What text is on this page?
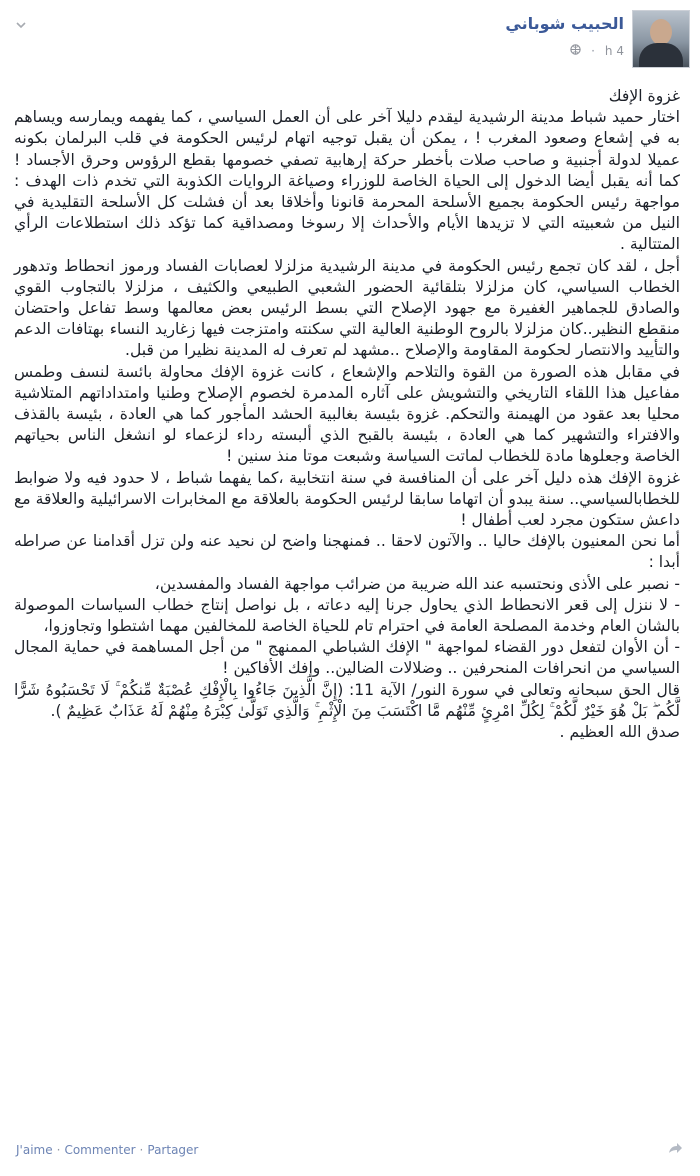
الحبيب شوباني
4 h
·

غزوة الإفك

اختار حميد شباط مدينة الرشيدية ليقدم دليلا آخر على أن العمل السياسي ، كما يفهمه ويمارسه ويساهم به في إشعاع وصعود المغرب ! ، يمكن أن يقبل توجيه اتهام لرئيس الحكومة في قلب البرلمان بكونه عميلا لدولة أجنبية و صاحب صلات بأخطر حركة إرهابية تصفي خصومها بقطع الرؤوس وحرق الأجساد ! كما أنه يقبل أيضا الدخول إلى الحياة الخاصة للوزراء وصياغة الروايات الكذوبة التي تخدم ذات الهدف : مواجهة رئيس الحكومة بجميع الأسلحة المحرمة قانونا وأخلاقا بعد أن فشلت كل الأسلحة التقليدية في النيل من شعبيته التي لا تزيدها الأيام والأحداث إلا رسوخا ومصداقية كما تؤكد ذلك استطلاعات الرأي المتتالية .

أجل ، لقد كان تجمع رئيس الحكومة في مدينة الرشيدية مزلزلا لعصابات الفساد ورموز انحطاط وتدهور الخطاب السياسي، كان مزلزلا بتلقائية الحضور الشعبي الطبيعي والكثيف ، مزلزلا بالتجاوب القوي والصادق للجماهير الغفيرة مع جهود الإصلاح التي بسط الرئيس بعض معالمها وسط تفاعل واحتضان منقطع النظير..كان مزلزلا بالروح الوطنية العالية التي سكنته وامتزجت فيها زغاريد النساء بهتافات الدعم والتأييد والانتصار لحكومة المقاومة والإصلاح ..مشهد لم تعرف له المدينة نظيرا من قبل.

في مقابل هذه الصورة من القوة والتلاحم والإشعاع ، كانت غزوة الإفك محاولة بائسة لنسف وطمس مفاعيل هذا اللقاء التاريخي والتشويش على آثاره المدمرة لخصوم الإصلاح وطنيا وامتداداتهم المتلاشية محليا بعد عقود من الهيمنة والتحكم. غزوة بئيسة بغالبية الحشد المأجور كما هي العادة ، بئيسة بالقذف والافتراء والتشهير كما هي العادة ، بئيسة بالقبح الذي ألبسته رداء لزعماء لو انشغل الناس بحياتهم الخاصة وجعلوها مادة للخطاب لماتت السياسة وشبعت موتا منذ سنين !

غزوة الإفك هذه دليل آخر على أن المنافسة في سنة انتخابية ،كما يفهما شباط ، لا حدود فيه ولا ضوابط للخطابالسياسي.. سنة يبدو أن اتهاما سابقا لرئيس الحكومة بالعلاقة مع المخابرات الاسرائيلية والعلاقة مع داعش ستكون مجرد لعب أطفال !

أما نحن المعنيون بالإفك حاليا .. والآتون لاحقا .. فمنهجنا واضح لن نحيد عنه ولن تزل أقدامنا عن صراطه أبدا :

- نصبر على الأذى ونحتسبه عند الله ضريبة من ضرائب مواجهة الفساد والمفسدين،

- لا ننزل إلى قعر الانحطاط الذي يحاول جرنا إليه دعاته ، بل نواصل إنتاج خطاب السياسات الموصولة بالشان العام وخدمة المصلحة العامة في احترام تام للحياة الخاصة للمخالفين مهما اشتطوا وتجاوزوا،

- أن الأوان لتفعل دور القضاء لمواجهة " الإفك الشباطي الممنهج " من أجل المساهمة في حماية المجال السياسي من انحرافات المنحرفين .. وضلالات الضالين.. وإفك الأفاكين !

قال الحق سبحانه وتعالى في سورة النور/ الآية 11: (إِنَّ الَّذِينَ جَاءُوا بِالْإِفْكِ عُصْبَةٌ مِّنكُمْ ۚ لَا تَحْسَبُوهُ شَرًّا لَّكُم ۖ بَلْ هُوَ خَيْرٌ لَّكُمْ ۚ لِكُلِّ امْرِئٍ مِّنْهُم مَّا اكْتَسَبَ مِنَ الْإِثْمِ ۚ وَالَّذِي تَوَلَّىٰ كِبْرَهُ مِنْهُمْ لَهُ عَذَابٌ عَظِيمٌ ).

صدق الله العظيم .

J'aime · Commenter · Partager
